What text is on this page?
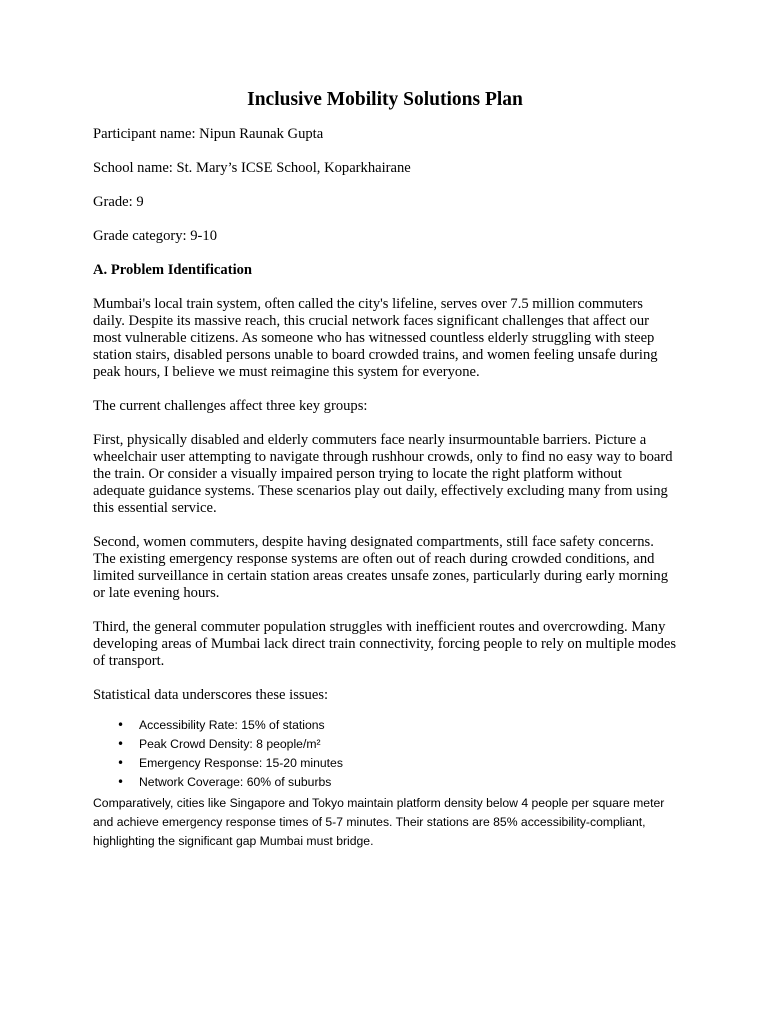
Inclusive Mobility Solutions Plan

Participant name: Nipun Raunak Gupta

School name: St. Mary’s ICSE School, Koparkhairane

Grade: 9

Grade category: 9-10

A. Problem Identification

Mumbai's local train system, often called the city's lifeline, serves over 7.5 million commuters daily. Despite its massive reach, this crucial network faces significant challenges that affect our most vulnerable citizens. As someone who has witnessed countless elderly struggling with steep station stairs, disabled persons unable to board crowded trains, and women feeling unsafe during peak hours, I believe we must reimagine this system for everyone.

The current challenges affect three key groups:

First, physically disabled and elderly commuters face nearly insurmountable barriers. Picture a wheelchair user attempting to navigate through rushhour crowds, only to find no easy way to board the train. Or consider a visually impaired person trying to locate the right platform without adequate guidance systems. These scenarios play out daily, effectively excluding many from using this essential service.

Second, women commuters, despite having designated compartments, still face safety concerns. The existing emergency response systems are often out of reach during crowded conditions, and limited surveillance in certain station areas creates unsafe zones, particularly during early morning or late evening hours.

Third, the general commuter population struggles with inefficient routes and overcrowding. Many developing areas of Mumbai lack direct train connectivity, forcing people to rely on multiple modes of transport.

Statistical data underscores these issues:

• Accessibility Rate: 15% of stations
• Peak Crowd Density: 8 people/m²
• Emergency Response: 15-20 minutes
• Network Coverage: 60% of suburbs

Comparatively, cities like Singapore and Tokyo maintain platform density below 4 people per square meter and achieve emergency response times of 5-7 minutes. Their stations are 85% accessibility-compliant, highlighting the significant gap Mumbai must bridge.
